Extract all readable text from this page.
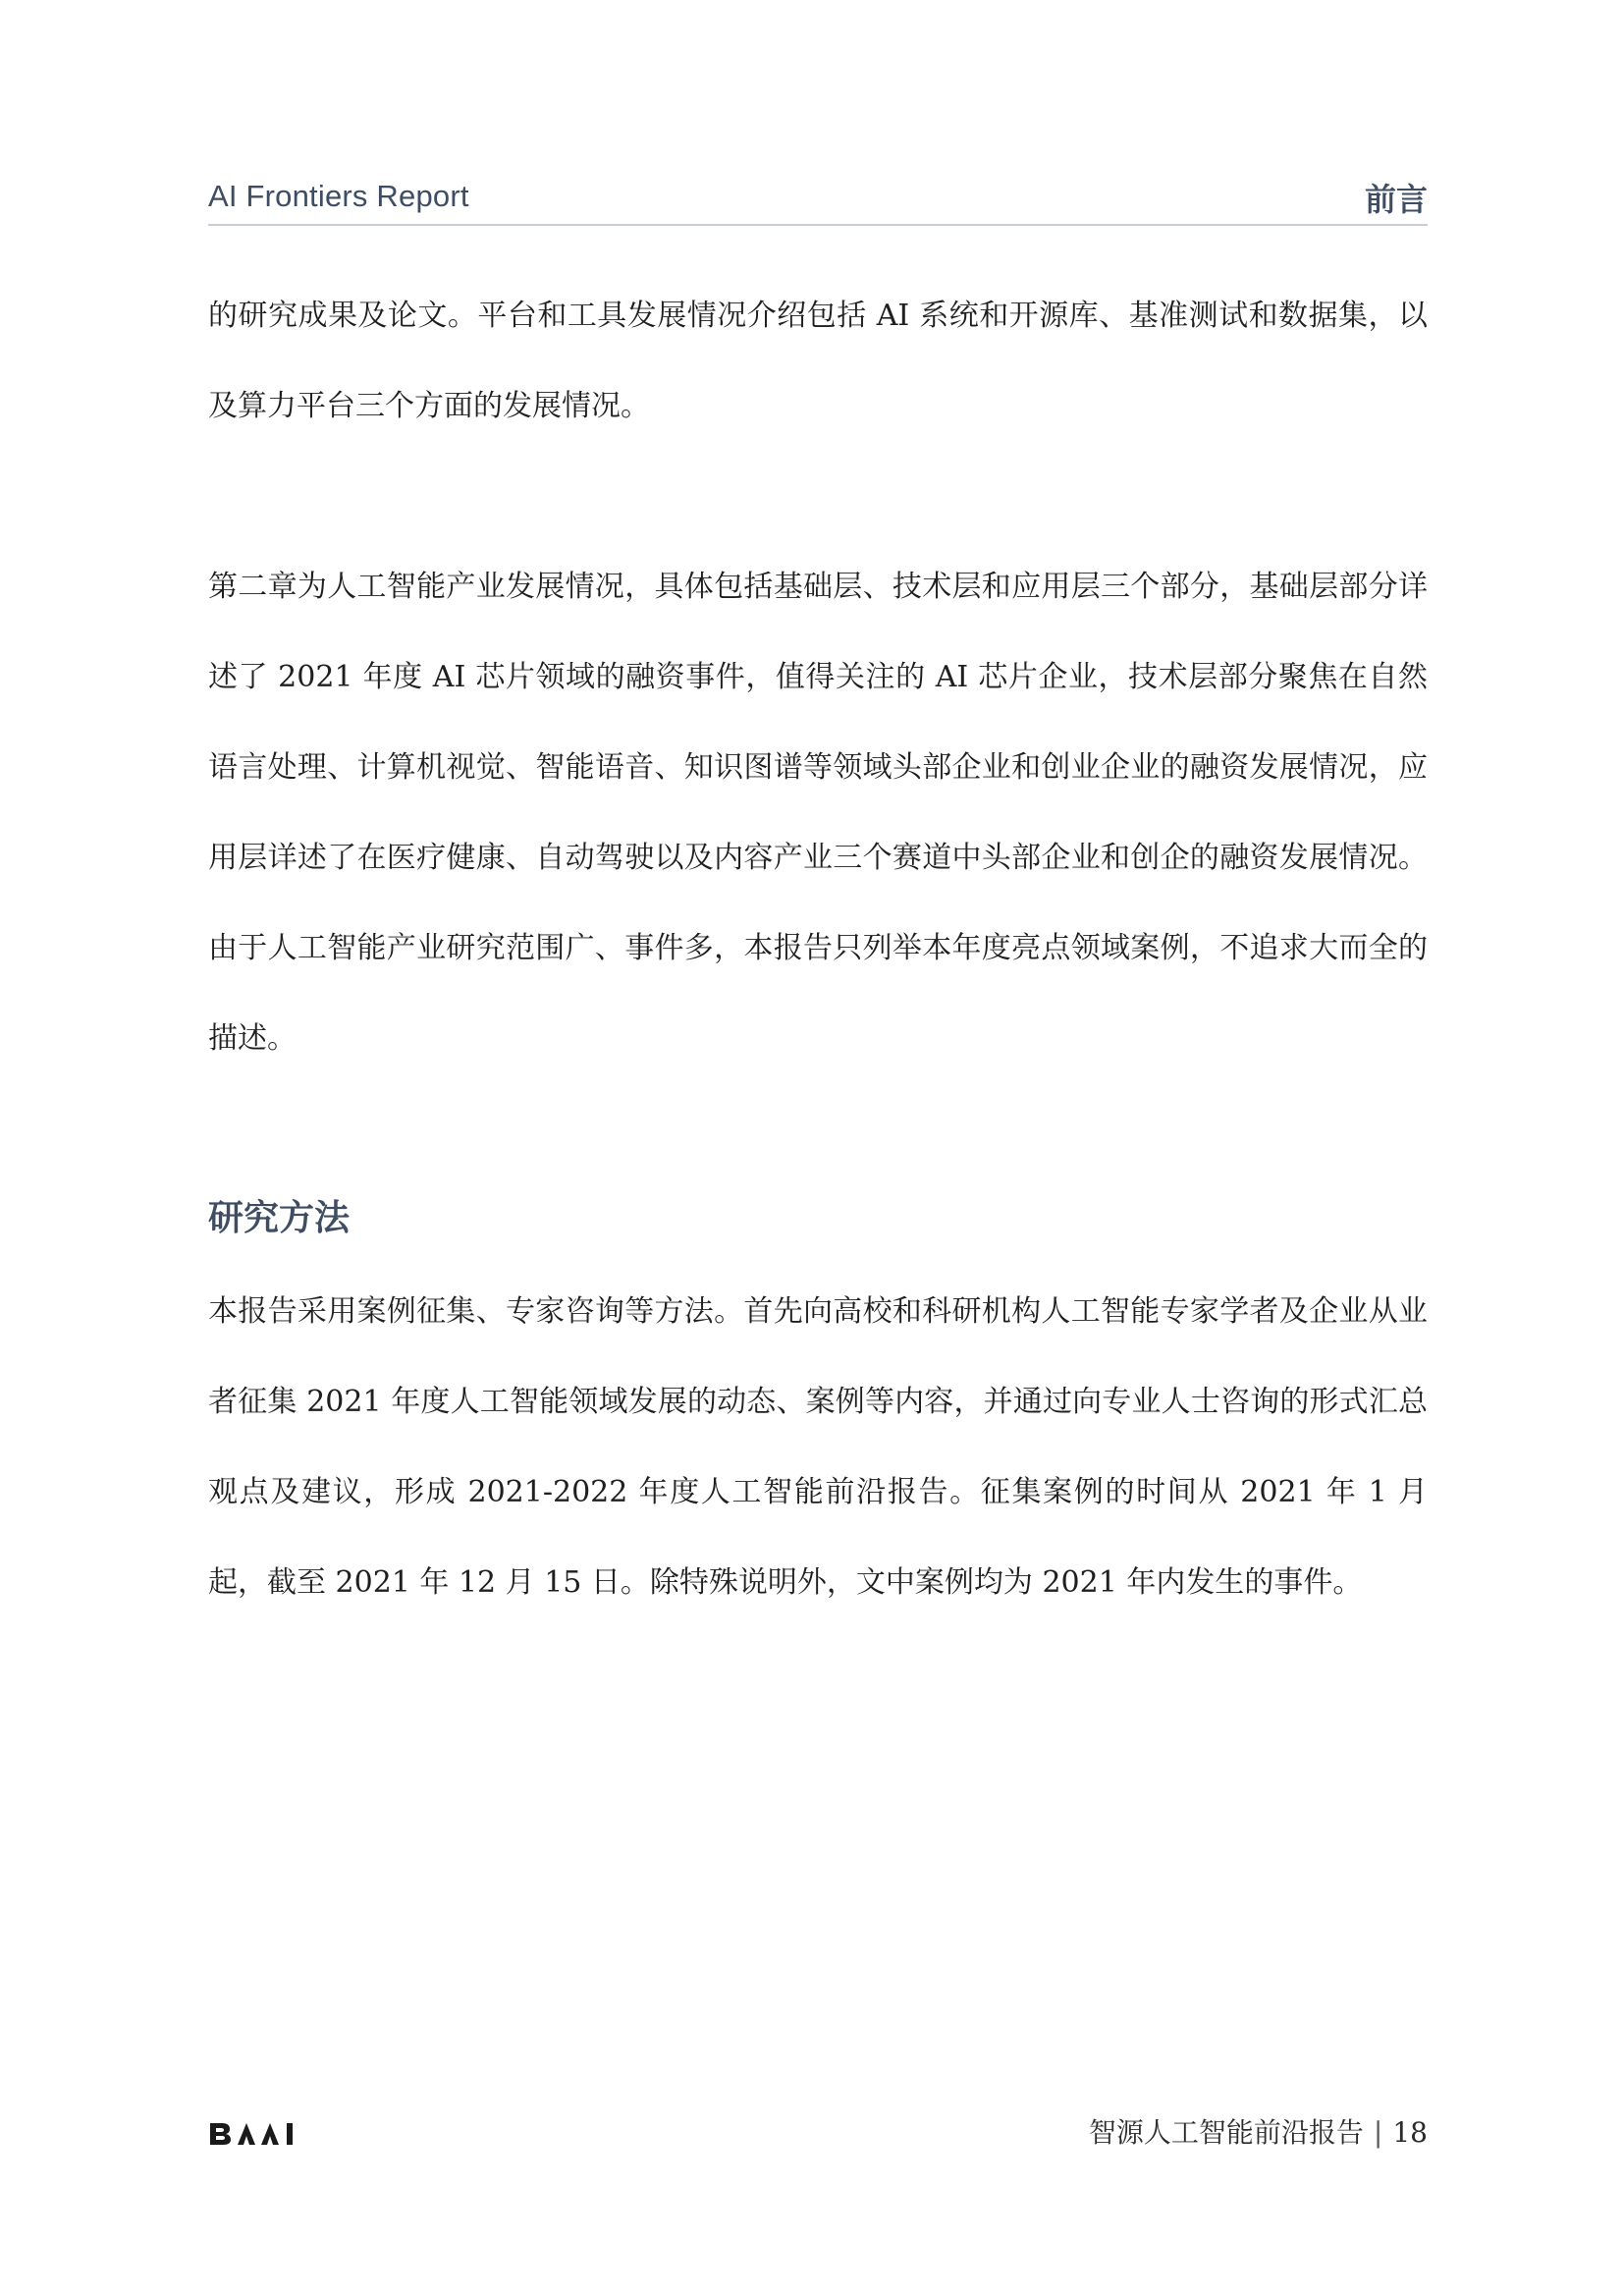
AI Frontiers Report	前言

的研究成果及论文。平台和工具发展情况介绍包括 AI 系统和开源库、基准测试和数据集，以及算力平台三个方面的发展情况。

第二章为人工智能产业发展情况，具体包括基础层、技术层和应用层三个部分，基础层部分详述了 2021 年度 AI 芯片领域的融资事件，值得关注的 AI 芯片企业，技术层部分聚焦在自然语言处理、计算机视觉、智能语音、知识图谱等领域头部企业和创业企业的融资发展情况，应用层详述了在医疗健康、自动驾驶以及内容产业三个赛道中头部企业和创企的融资发展情况。由于人工智能产业研究范围广、事件多，本报告只列举本年度亮点领域案例，不追求大而全的描述。

研究方法

本报告采用案例征集、专家咨询等方法。首先向高校和科研机构人工智能专家学者及企业从业者征集 2021 年度人工智能领域发展的动态、案例等内容，并通过向专业人士咨询的形式汇总观点及建议，形成 2021-2022 年度人工智能前沿报告。征集案例的时间从 2021 年 1 月起，截至 2021 年 12 月 15 日。除特殊说明外，文中案例均为 2021 年内发生的事件。

智源人工智能前沿报告 | 18
